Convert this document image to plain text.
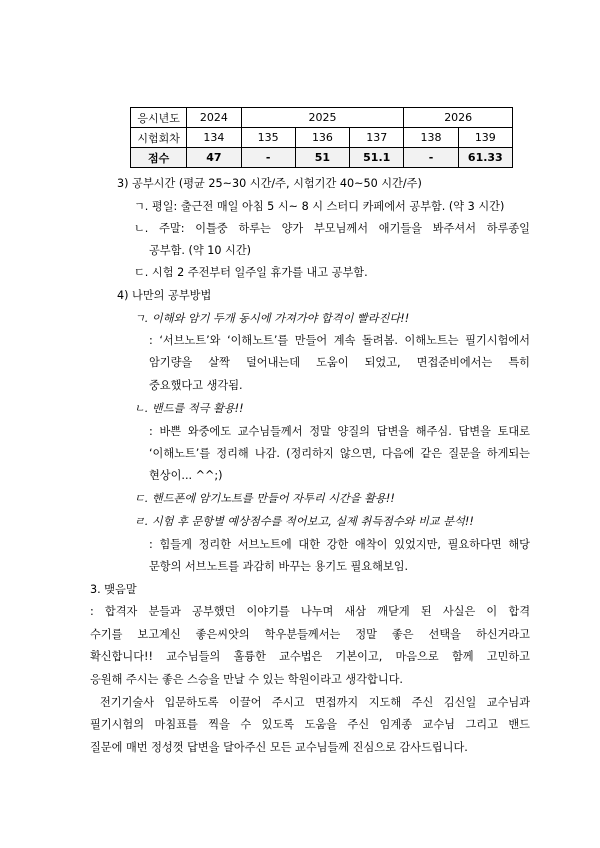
응시년도	2024	2025			2026	
시험회차	134	135	136	137	138	139
점수	47	-	51	51.1	-	61.33
3) 공부시간 (평균 25~30 시간/주, 시험기간 40~50 시간/주)
ㄱ. 평일: 출근전 매일 아침 5 시~ 8 시 스터디 카페에서 공부함. (약 3 시간)
ㄴ. 주말: 이틀중 하루는 양가 부모님께서 애기들을 봐주셔서 하루종일
공부함. (약 10 시간)
ㄷ. 시험 2 주전부터 일주일 휴가를 내고 공부함.
4) 나만의 공부방법
ㄱ. 이해와 암기 두개 동시에 가져가야 합격이 빨라진다!!
: ‘서브노트’와 ‘이해노트’를 만들어 계속 돌려봄. 이해노트는 필기시험에서
암기량을 살짝 덜어내는데 도움이 되었고, 면접준비에서는 특히
중요했다고 생각됨.
ㄴ. 밴드를 적극 활용!!
: 바쁜 와중에도 교수님들께서 정말 양질의 답변을 해주심. 답변을 토대로
‘이해노트’를 정리해 나감. (정리하지 않으면, 다음에 같은 질문을 하게되는
현상이... ^^;)
ㄷ. 핸드폰에 암기노트를 만들어 자투리 시간을 활용!!
ㄹ. 시험 후 문항별 예상점수를 적어보고, 실제 취득점수와 비교 분석!!
: 힘들게 정리한 서브노트에 대한 강한 애착이 있었지만, 필요하다면 해당
문항의 서브노트를 과감히 바꾸는 용기도 필요해보임.
3. 맺음말
: 합격자 분들과 공부했던 이야기를 나누며 새삼 깨닫게 된 사실은 이 합격
수기를 보고계신 좋은씨앗의 학우분들께서는 정말 좋은 선택을 하신거라고
확신합니다!! 교수님들의 훌륭한 교수법은 기본이고, 마음으로 함께 고민하고
응원해 주시는 좋은 스승을 만날 수 있는 학원이라고 생각합니다.
전기기술사 입문하도록 이끌어 주시고 면접까지 지도해 주신 김신일 교수님과
필기시험의 마침표를 찍을 수 있도록 도움을 주신 임계종 교수님 그리고 밴드
질문에 매번 정성껏 답변을 달아주신 모든 교수님들께 진심으로 감사드립니다.
